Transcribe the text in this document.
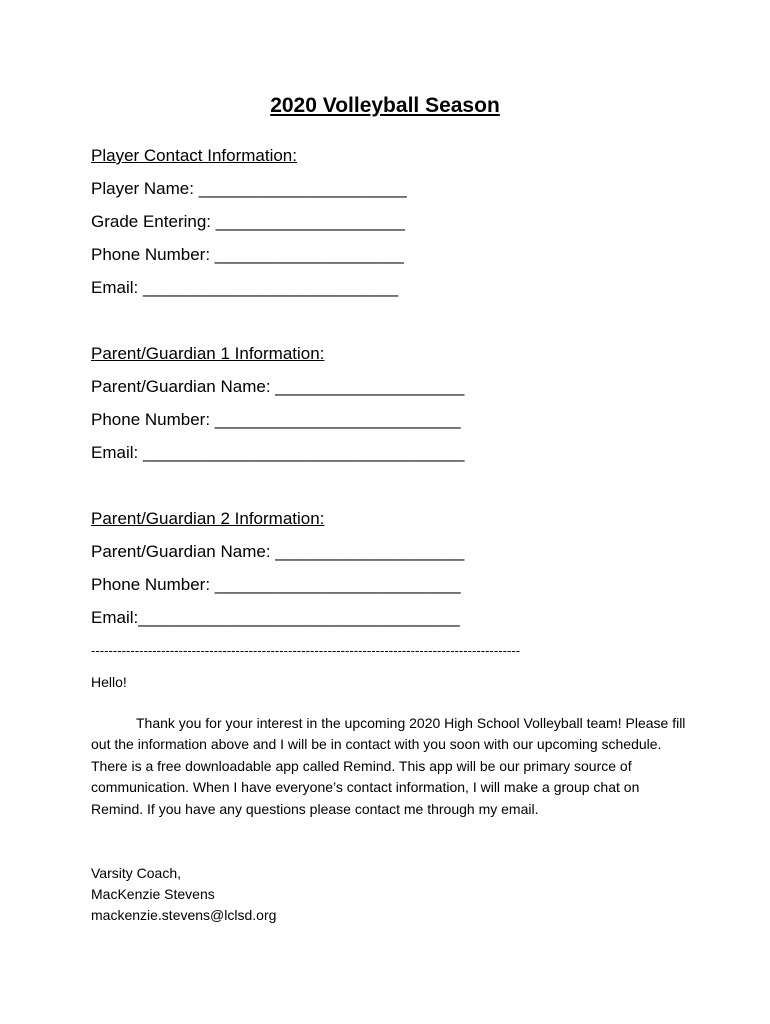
2020 Volleyball Season
Player Contact Information:
Player Name: ______________________
Grade Entering: ____________________
Phone Number: ____________________
Email: ___________________________
Parent/Guardian 1 Information:
Parent/Guardian Name: ____________________
Phone Number: __________________________
Email: __________________________________
Parent/Guardian 2 Information:
Parent/Guardian Name: ____________________
Phone Number: __________________________
Email:__________________________________
--------------------------------------------------------------------------------------------------
Hello!

Thank you for your interest in the upcoming 2020 High School Volleyball team! Please fill out the information above and I will be in contact with you soon with our upcoming schedule. There is a free downloadable app called Remind. This app will be our primary source of communication. When I have everyone’s contact information, I will make a group chat on Remind. If you have any questions please contact me through my email.

Varsity Coach,
MacKenzie Stevens
mackenzie.stevens@lclsd.org
